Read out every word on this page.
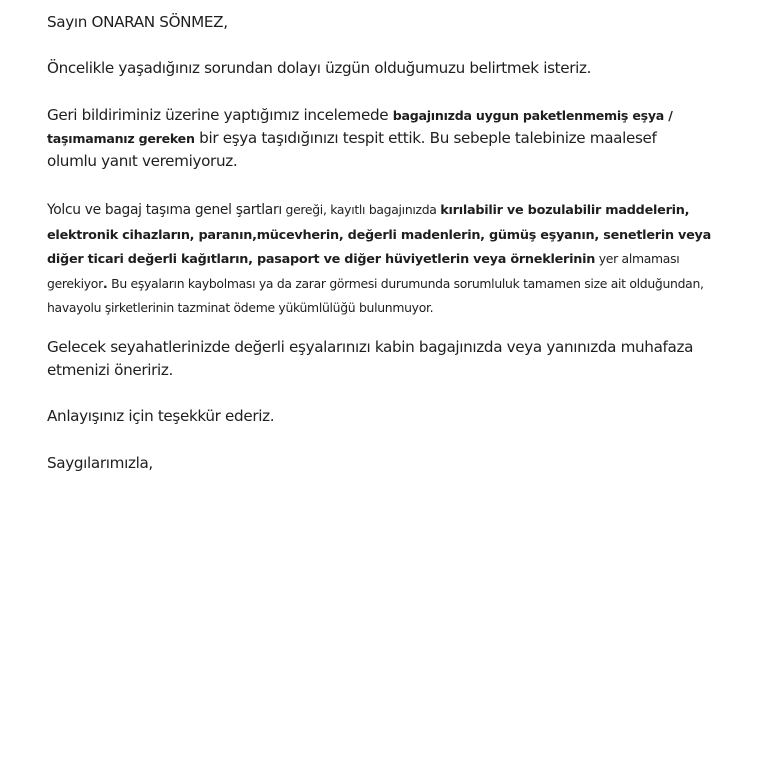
Sayın ONARAN SÖNMEZ,

Öncelikle yaşadığınız sorundan dolayı üzgün olduğumuzu belirtmek isteriz.

Geri bildiriminiz üzerine yaptığımız incelemede bagajınızda uygun paketlenmemiş eşya / taşımamanız gereken bir eşya taşıdığınızı tespit ettik. Bu sebeple talebinize maalesef olumlu yanıt veremiyoruz.

Yolcu ve bagaj taşıma genel şartları gereği, kayıtlı bagajınızda kırılabilir ve bozulabilir maddelerin, elektronik cihazların, paranın,mücevherin, değerli madenlerin, gümüş eşyanın, senetlerin veya diğer ticari değerli kağıtların, pasaport ve diğer hüviyetlerin veya örneklerinin yer almaması gerekiyor. Bu eşyaların kaybolması ya da zarar görmesi durumunda sorumluluk tamamen size ait olduğundan, havayolu şirketlerinin tazminat ödeme yükümlülüğü bulunmuyor.

Gelecek seyahatlerinizde değerli eşyalarınızı kabin bagajınızda veya yanınızda muhafaza etmenizi öneririz.

Anlayışınız için teşekkür ederiz.

Saygılarımızla,
